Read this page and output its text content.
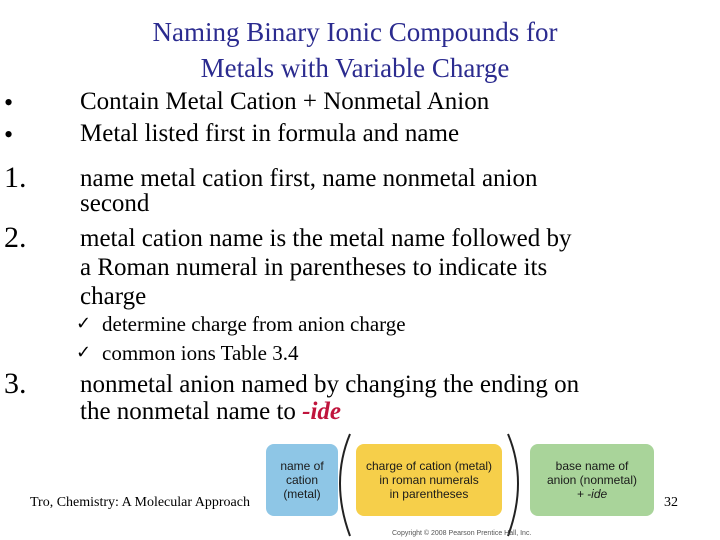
Naming Binary Ionic Compounds for
Metals with Variable Charge
•	Contain Metal Cation + Nonmetal Anion
•	Metal listed first in formula and name
1. name metal cation first, name nonmetal anion
second
2. metal cation name is the metal name followed by
a Roman numeral in parentheses to indicate its
charge
✓ determine charge from anion charge
✓ common ions Table 3.4
3. nonmetal anion named by changing the ending on
the nonmetal name to -ide
name of
cation
(metal)
charge of cation (metal)
in roman numerals
in parentheses
base name of
anion (nonmetal)
+ -ide
Copyright © 2008 Pearson Prentice Hall, Inc.
Tro, Chemistry: A Molecular Approach	32
